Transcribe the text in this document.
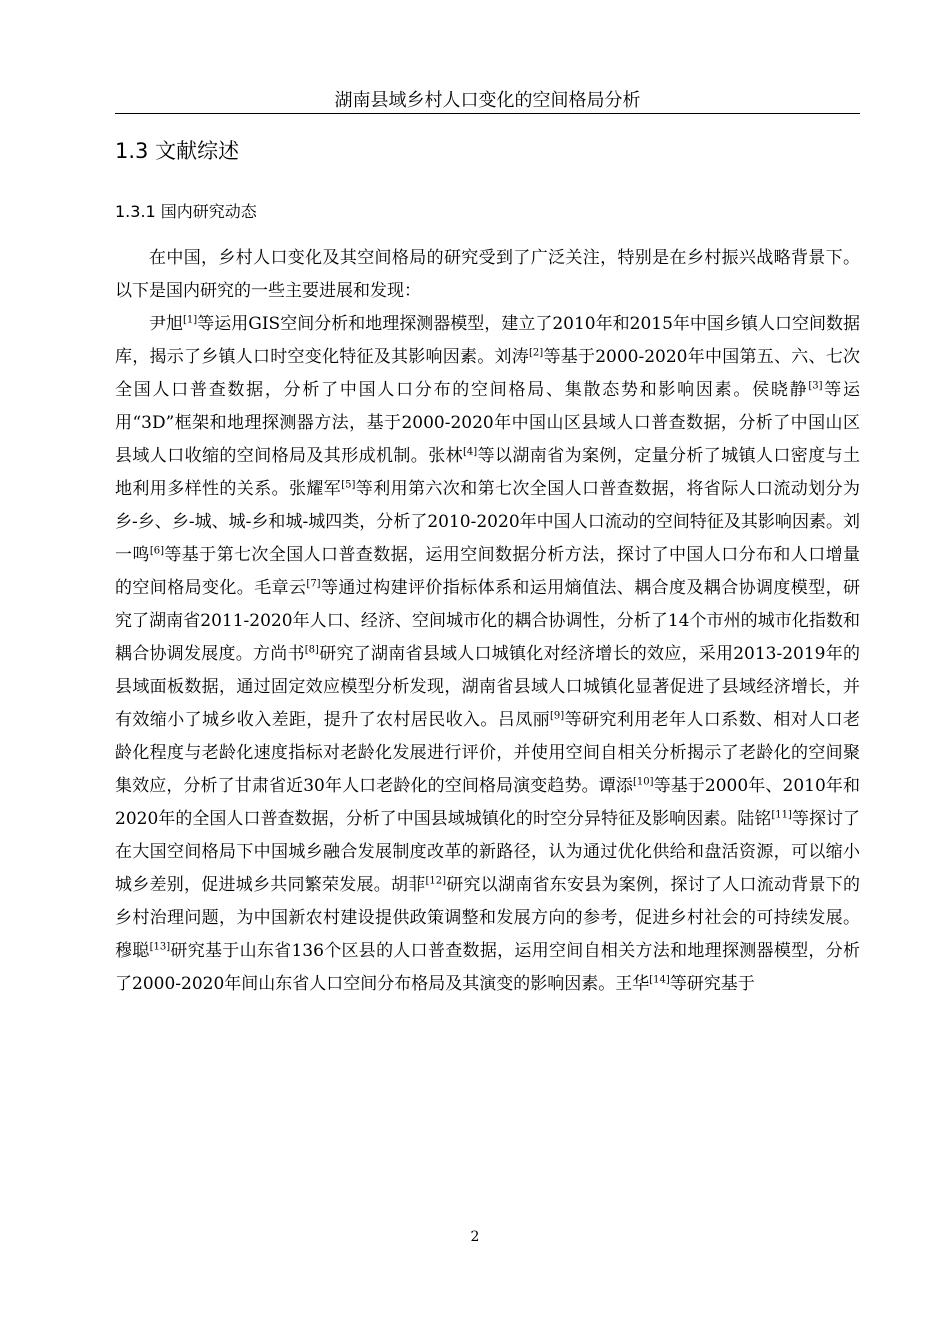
湖南县域乡村人口变化的空间格局分析
1.3 文献综述
1.3.1 国内研究动态

在中国，乡村人口变化及其空间格局的研究受到了广泛关注，特别是在乡村振兴战略背景下。以下是国内研究的一些主要进展和发现：

尹旭[1]等运用GIS空间分析和地理探测器模型，建立了2010年和2015年中国乡镇人口空间数据库，揭示了乡镇人口时空变化特征及其影响因素。刘涛[2]等基于2000-2020年中国第五、六、七次全国人口普查数据，分析了中国人口分布的空间格局、集散态势和影响因素。侯晓静[3]等运用“3D”框架和地理探测器方法，基于2000-2020年中国山区县域人口普查数据，分析了中国山区县域人口收缩的空间格局及其形成机制。张林[4]等以湖南省为案例，定量分析了城镇人口密度与土地利用多样性的关系。张耀军[5]等利用第六次和第七次全国人口普查数据，将省际人口流动划分为乡-乡、乡-城、城-乡和城-城四类，分析了2010-2020年中国人口流动的空间特征及其影响因素。刘一鸣[6]等基于第七次全国人口普查数据，运用空间数据分析方法，探讨了中国人口分布和人口增量的空间格局变化。毛章云[7]等通过构建评价指标体系和运用熵值法、耦合度及耦合协调度模型，研究了湖南省2011-2020年人口、经济、空间城市化的耦合协调性，分析了14个市州的城市化指数和耦合协调发展度。方尚书[8]研究了湖南省县域人口城镇化对经济增长的效应，采用2013-2019年的县域面板数据，通过固定效应模型分析发现，湖南省县域人口城镇化显著促进了县域经济增长，并有效缩小了城乡收入差距，提升了农村居民收入。吕凤丽[9]等研究利用老年人口系数、相对人口老龄化程度与老龄化速度指标对老龄化发展进行评价，并使用空间自相关分析揭示了老龄化的空间聚集效应，分析了甘肃省近30年人口老龄化的空间格局演变趋势。谭添[10]等基于2000年、2010年和2020年的全国人口普查数据，分析了中国县域城镇化的时空分异特征及影响因素。陆铭[11]等探讨了在大国空间格局下中国城乡融合发展制度改革的新路径，认为通过优化供给和盘活资源，可以缩小城乡差别，促进城乡共同繁荣发展。胡菲[12]研究以湖南省东安县为案例，探讨了人口流动背景下的乡村治理问题，为中国新农村建设提供政策调整和发展方向的参考，促进乡村社会的可持续发展。穆聪[13]研究基于山东省136个区县的人口普查数据，运用空间自相关方法和地理探测器模型，分析了2000-2020年间山东省人口空间分布格局及其演变的影响因素。王华[14]等研究基于

2
